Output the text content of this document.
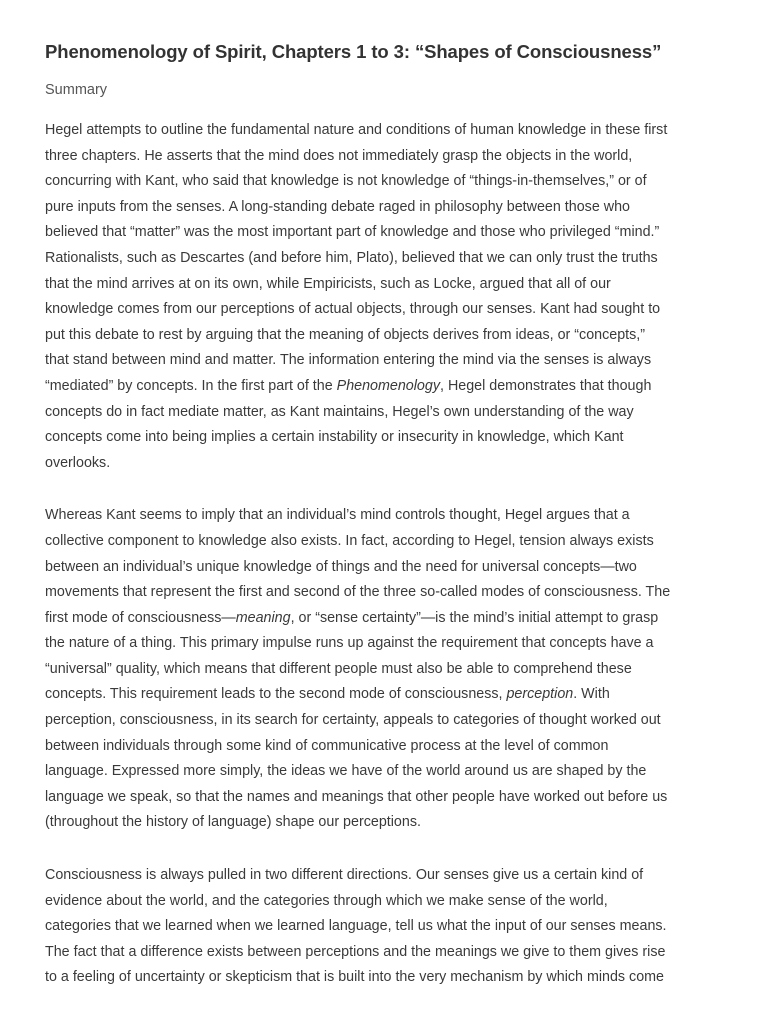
Phenomenology of Spirit, Chapters 1 to 3: “Shapes of Consciousness”
Summary
Hegel attempts to outline the fundamental nature and conditions of human knowledge in these first
three chapters. He asserts that the mind does not immediately grasp the objects in the world,
concurring with Kant, who said that knowledge is not knowledge of “things-in-themselves,” or of
pure inputs from the senses. A long-standing debate raged in philosophy between those who
believed that “matter” was the most important part of knowledge and those who privileged “mind.”
Rationalists, such as Descartes (and before him, Plato), believed that we can only trust the truths
that the mind arrives at on its own, while Empiricists, such as Locke, argued that all of our
knowledge comes from our perceptions of actual objects, through our senses. Kant had sought to
put this debate to rest by arguing that the meaning of objects derives from ideas, or “concepts,”
that stand between mind and matter. The information entering the mind via the senses is always
“mediated” by concepts. In the first part of the Phenomenology, Hegel demonstrates that though
concepts do in fact mediate matter, as Kant maintains, Hegel’s own understanding of the way
concepts come into being implies a certain instability or insecurity in knowledge, which Kant
overlooks.
Whereas Kant seems to imply that an individual’s mind controls thought, Hegel argues that a
collective component to knowledge also exists. In fact, according to Hegel, tension always exists
between an individual’s unique knowledge of things and the need for universal concepts—two
movements that represent the first and second of the three so-called modes of consciousness. The
first mode of consciousness—meaning, or “sense certainty”—is the mind’s initial attempt to grasp
the nature of a thing. This primary impulse runs up against the requirement that concepts have a
“universal” quality, which means that different people must also be able to comprehend these
concepts. This requirement leads to the second mode of consciousness, perception. With
perception, consciousness, in its search for certainty, appeals to categories of thought worked out
between individuals through some kind of communicative process at the level of common
language. Expressed more simply, the ideas we have of the world around us are shaped by the
language we speak, so that the names and meanings that other people have worked out before us
(throughout the history of language) shape our perceptions.
Consciousness is always pulled in two different directions. Our senses give us a certain kind of
evidence about the world, and the categories through which we make sense of the world,
categories that we learned when we learned language, tell us what the input of our senses means.
The fact that a difference exists between perceptions and the meanings we give to them gives rise
to a feeling of uncertainty or skepticism that is built into the very mechanism by which minds come
